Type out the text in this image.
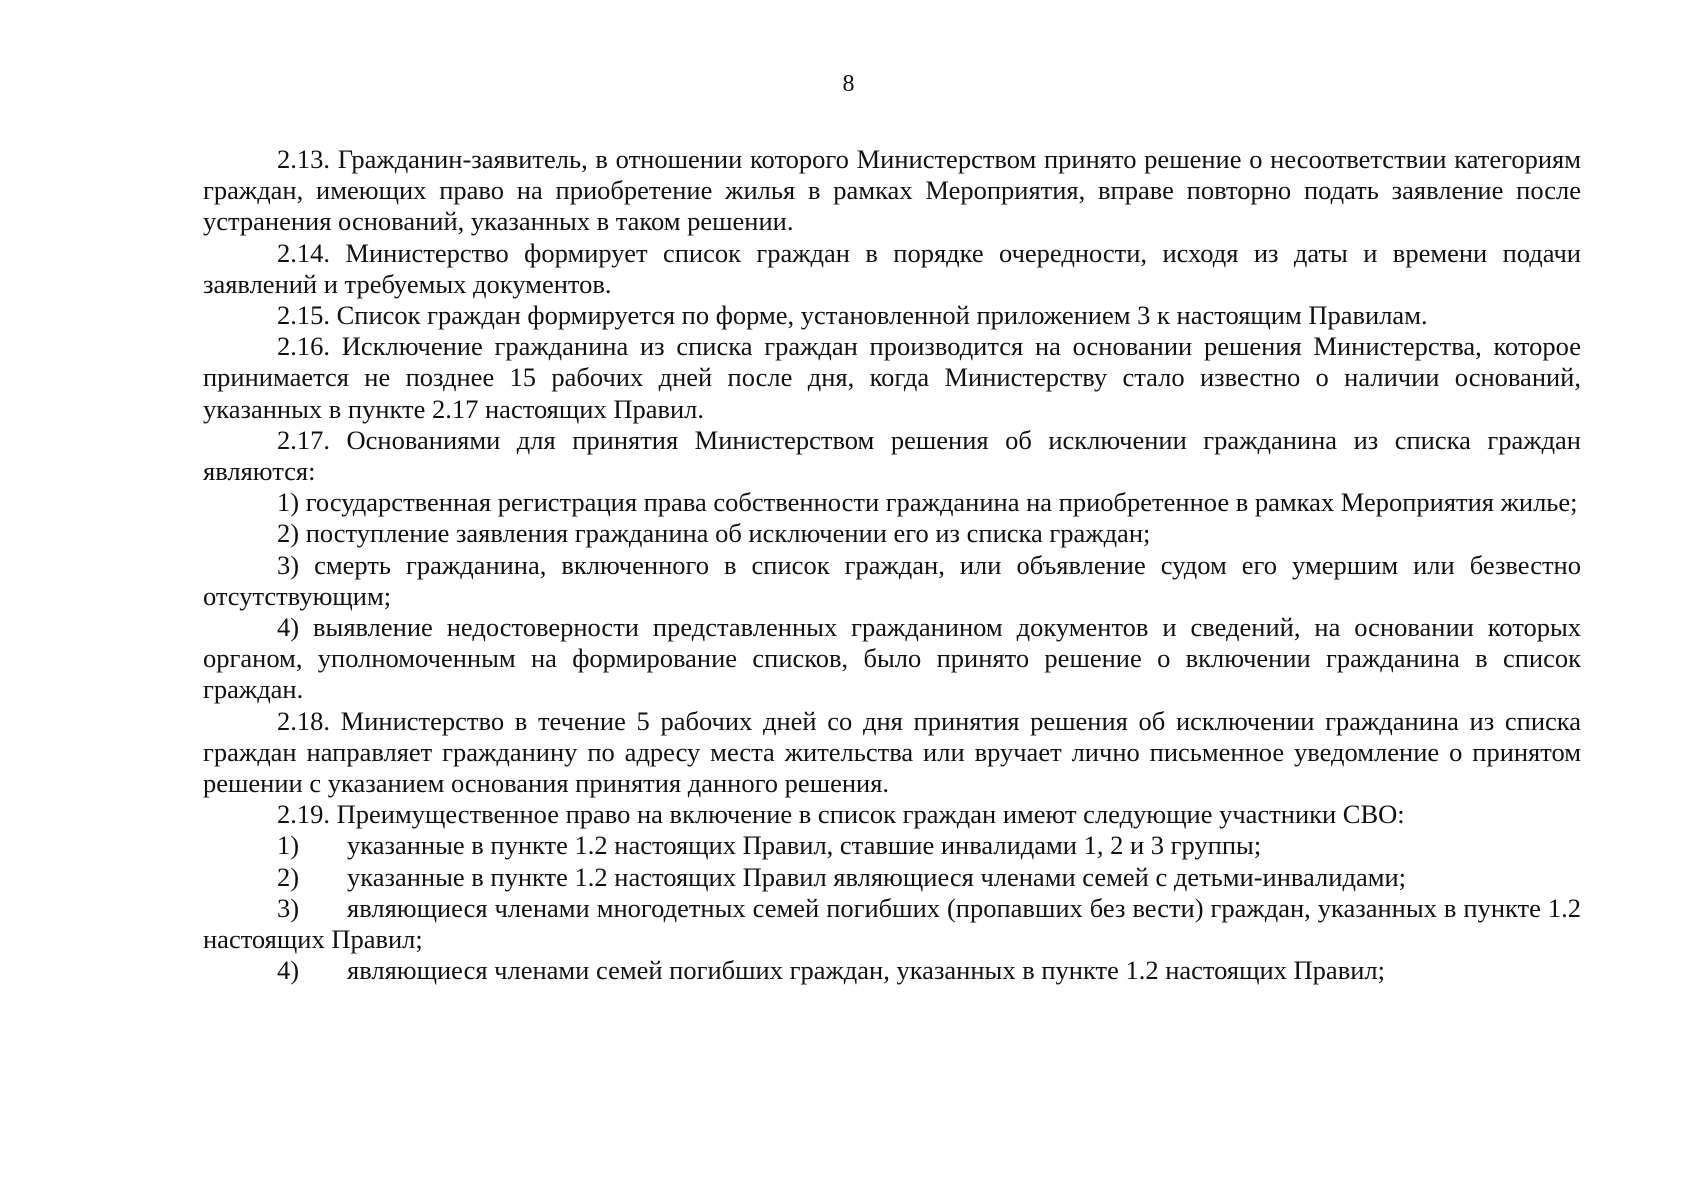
8

2.13. Гражданин-заявитель, в отношении которого Министерством принято решение о несоответствии категориям граждан, имеющих право на приобретение жилья в рамках Мероприятия, вправе повторно подать заявление после устранения оснований, указанных в таком решении.

2.14. Министерство формирует список граждан в порядке очередности, исходя из даты и времени подачи заявлений и требуемых документов.

2.15. Список граждан формируется по форме, установленной приложением 3 к настоящим Правилам.

2.16. Исключение гражданина из списка граждан производится на основании решения Министерства, которое принимается не позднее 15 рабочих дней после дня, когда Министерству стало известно о наличии оснований, указанных в пункте 2.17 настоящих Правил.

2.17. Основаниями для принятия Министерством решения об исключении гражданина из списка граждан являются:

1) государственная регистрация права собственности гражданина на приобретенное в рамках Мероприятия жилье;

2) поступление заявления гражданина об исключении его из списка граждан;

3) смерть гражданина, включенного в список граждан, или объявление судом его умершим или безвестно отсутствующим;

4) выявление недостоверности представленных гражданином документов и сведений, на основании которых органом, уполномоченным на формирование списков, было принято решение о включении гражданина в список граждан.

2.18. Министерство в течение 5 рабочих дней со дня принятия решения об исключении гражданина из списка граждан направляет гражданину по адресу места жительства или вручает лично письменное уведомление о принятом решении с указанием основания принятия данного решения.

2.19. Преимущественное право на включение в список граждан имеют следующие участники СВО:

1) указанные в пункте 1.2 настоящих Правил, ставшие инвалидами 1, 2 и 3 группы;

2) указанные в пункте 1.2 настоящих Правил являющиеся членами семей с детьми-инвалидами;

3) являющиеся членами многодетных семей погибших (пропавших без вести) граждан, указанных в пункте 1.2 настоящих Правил;

4) являющиеся членами семей погибших граждан, указанных в пункте 1.2 настоящих Правил;
